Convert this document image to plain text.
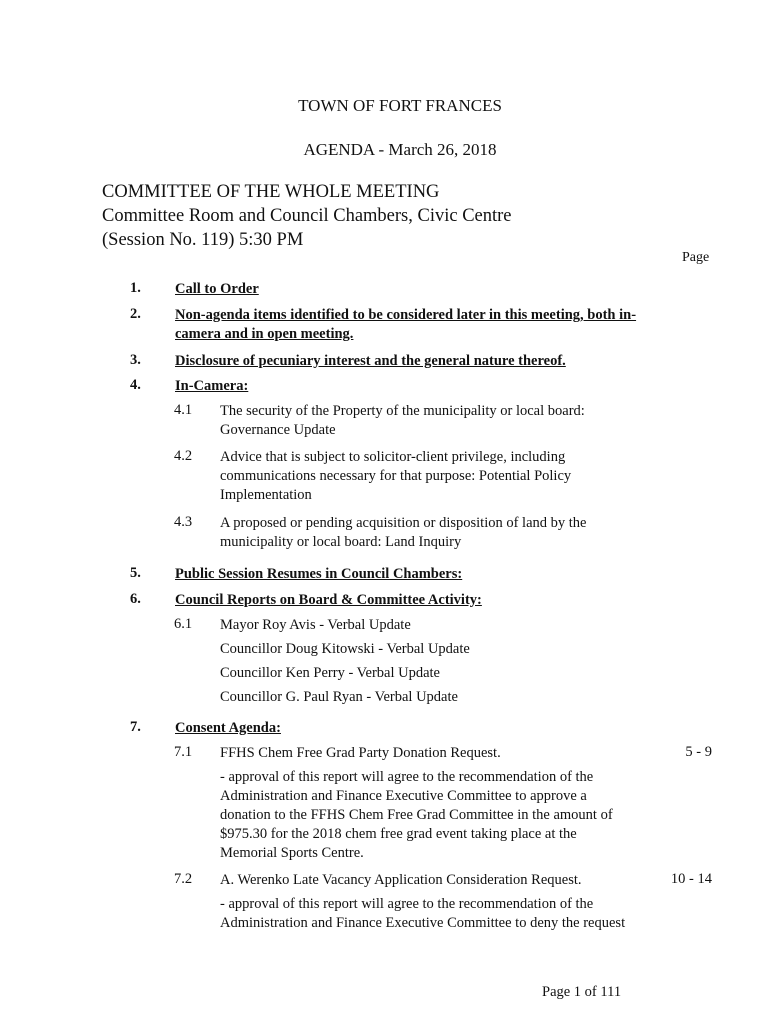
TOWN OF FORT FRANCES
AGENDA - March 26, 2018
COMMITTEE OF THE WHOLE MEETING
Committee Room and Council Chambers, Civic Centre
(Session No. 119) 5:30 PM
Page
1. Call to Order
2. Non-agenda items identified to be considered later in this meeting, both in-camera and in open meeting.
3. Disclosure of pecuniary interest and the general nature thereof.
4. In-Camera:
4.1 The security of the Property of the municipality or local board:
Governance Update
4.2 Advice that is subject to solicitor-client privilege, including
communications necessary for that purpose: Potential Policy
Implementation
4.3 A proposed or pending acquisition or disposition of land by the
municipality or local board: Land Inquiry
5. Public Session Resumes in Council Chambers:
6. Council Reports on Board & Committee Activity:
6.1 Mayor Roy Avis - Verbal Update
Councillor Doug Kitowski - Verbal Update
Councillor Ken Perry - Verbal Update
Councillor G. Paul Ryan - Verbal Update
7. Consent Agenda:
7.1 FFHS Chem Free Grad Party Donation Request.	5 - 9
- approval of this report will agree to the recommendation of the
Administration and Finance Executive Committee to approve a
donation to the FFHS Chem Free Grad Committee in the amount of
$975.30 for the 2018 chem free grad event taking place at the
Memorial Sports Centre.
7.2 A. Werenko Late Vacancy Application Consideration Request.	10 - 14
- approval of this report will agree to the recommendation of the
Administration and Finance Executive Committee to deny the request
Page 1 of 111
